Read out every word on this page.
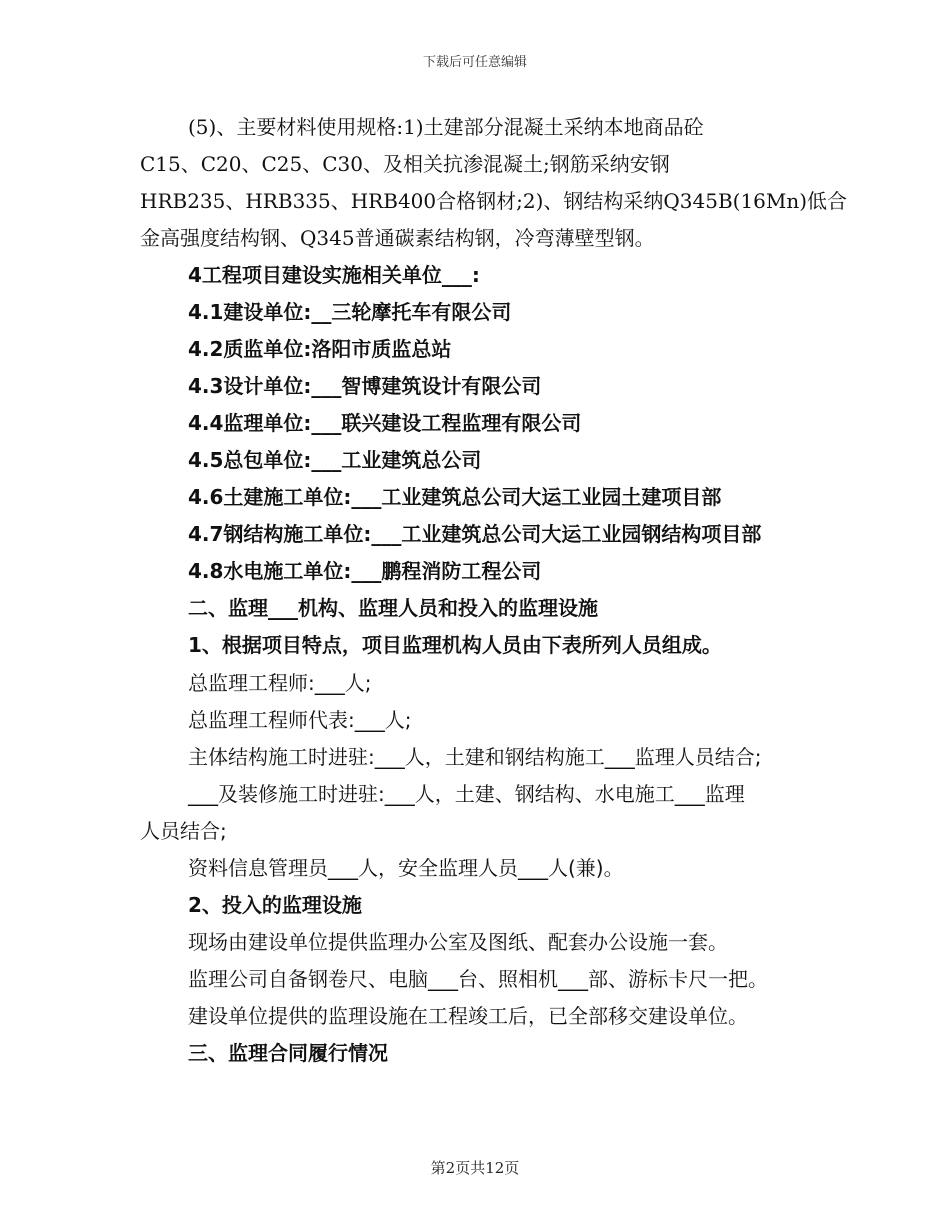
下载后可任意编辑
(5)、主要材料使用规格:1)土建部分混凝土采纳本地商品砼
C15、C20、C25、C30、及相关抗渗混凝土;钢筋采纳安钢
HRB235、HRB335、HRB400合格钢材;2)、钢结构采纳Q345B(16Mn)低合
金高强度结构钢、Q345普通碳素结构钢，冷弯薄壁型钢。
4工程项目建设实施相关单位___:
4.1建设单位:__三轮摩托车有限公司
4.2质监单位:洛阳市质监总站
4.3设计单位:___智博建筑设计有限公司
4.4监理单位:___联兴建设工程监理有限公司
4.5总包单位:___工业建筑总公司
4.6土建施工单位:___工业建筑总公司大运工业园土建项目部
4.7钢结构施工单位:___工业建筑总公司大运工业园钢结构项目部
4.8水电施工单位:___鹏程消防工程公司
二、监理___机构、监理人员和投入的监理设施
1、根据项目特点，项目监理机构人员由下表所列人员组成。
总监理工程师:___人;
总监理工程师代表:___人;
主体结构施工时进驻:___人，土建和钢结构施工___监理人员结合;
___及装修施工时进驻:___人，土建、钢结构、水电施工___监理
人员结合;
资料信息管理员___人，安全监理人员___人(兼)。
2、投入的监理设施
现场由建设单位提供监理办公室及图纸、配套办公设施一套。
监理公司自备钢卷尺、电脑___台、照相机___部、游标卡尺一把。
建设单位提供的监理设施在工程竣工后，已全部移交建设单位。
三、监理合同履行情况
第2页共12页
